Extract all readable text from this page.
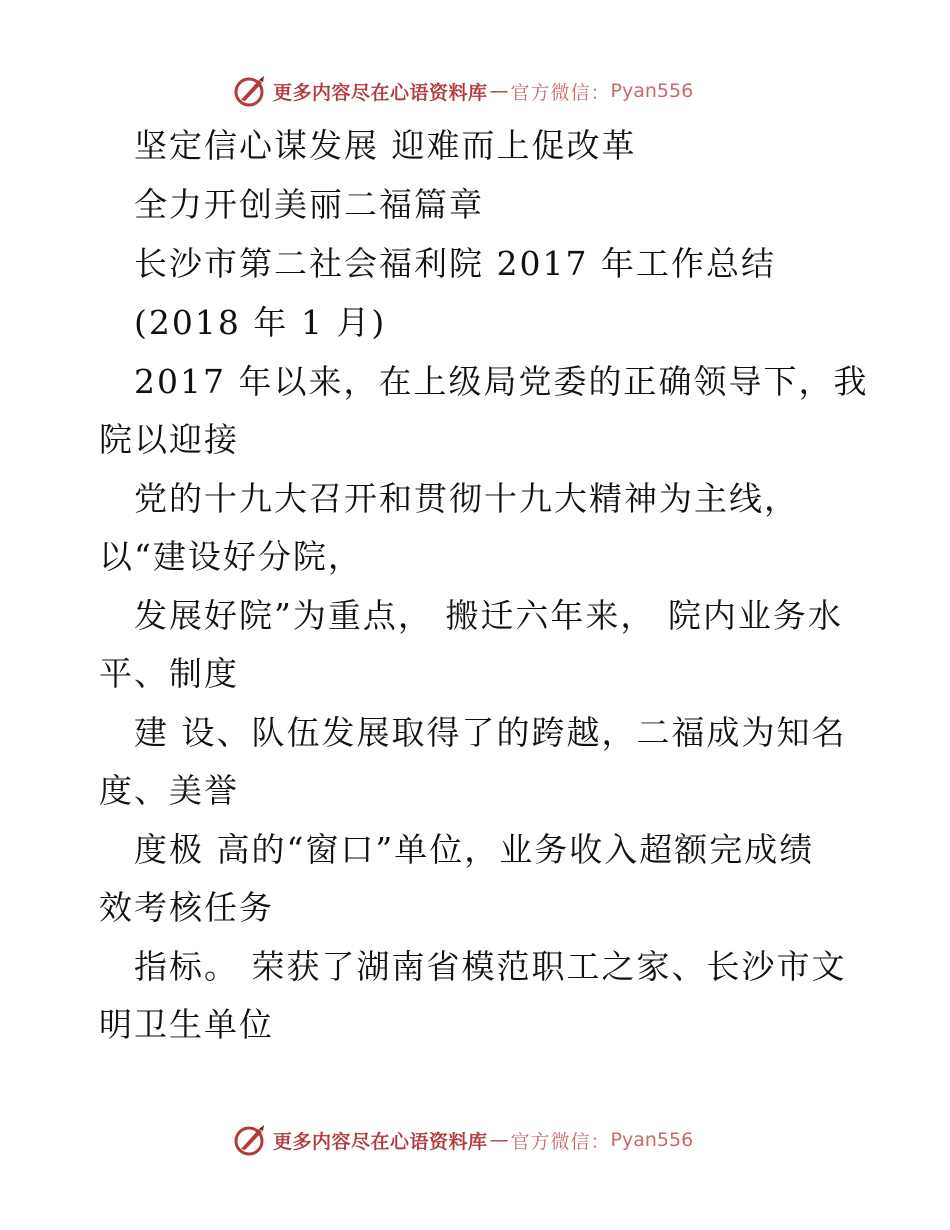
更多内容尽在心语资料库 — 官方微信： Pyan556
坚定信心谋发展 迎难而上促改革
全力开创美丽二福篇章
长沙市第二社会福利院 2017 年工作总结
(2018 年 1 月)
2017 年以来，在上级局党委的正确领导下，我
院以迎接
党的十九大召开和贯彻十九大精神为主线，
以“建设好分院，
发展好院”为重点， 搬迁六年来， 院内业务水
平、制度
建 设、队伍发展取得了的跨越，二福成为知名
度、美誉
度极 高的“窗口”单位，业务收入超额完成绩
效考核任务
指标。 荣获了湖南省模范职工之家、长沙市文
明卫生单位
更多内容尽在心语资料库 — 官方微信： Pyan556
